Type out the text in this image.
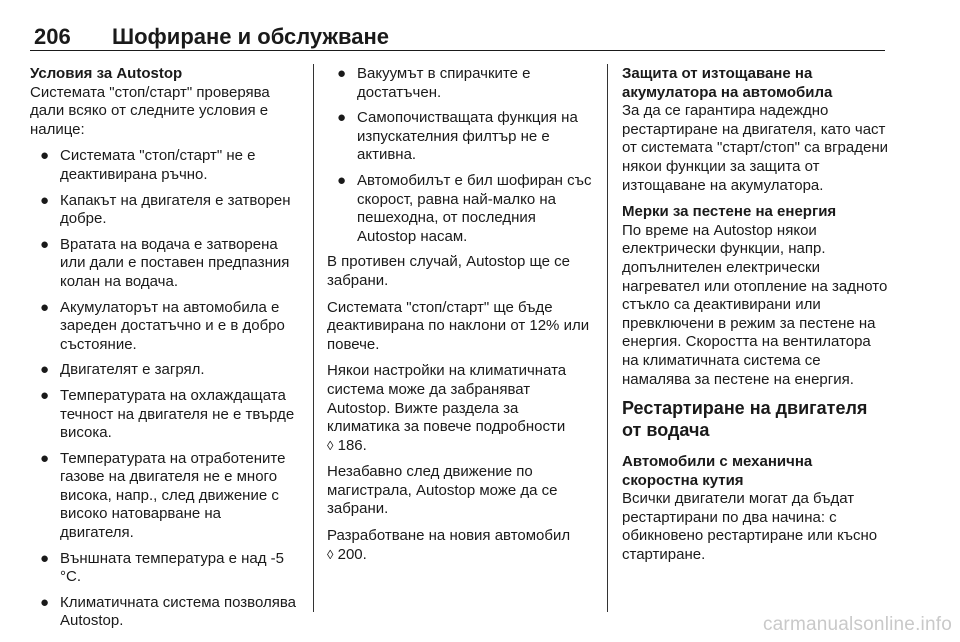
206 Шофиране и обслужване
Условия за Autostop

Системата "стоп/старт" проверява дали всяко от следните условия е налице:

● Системата "стоп/старт" не е деактивирана ръчно.
● Капакът на двигателя е затворен добре.
● Вратата на водача е затворена или дали е поставен предпазния колан на водача.
● Акумулаторът на автомобила е зареден достатъчно и е в добро състояние.
● Двигателят е загрял.
● Температурата на охлаждащата течност на двигателя не е твърде висока.
● Температурата на отработените газове на двигателя не е много висока, напр., след движение с високо натоварване на двигателя.
● Външната температура е над -5 °C.
● Климатичната система позволява Autostop.
● Вакуумът в спирачките е достатъчен.
● Самопочистващата функция на изпускателния филтър не е активна.
● Автомобилът е бил шофиран със скорост, равна най-малко на пешеходна, от последния Autostop насам.

В противен случай, Autostop ще се забрани.

Системата "стоп/старт" ще бъде деактивирана по наклони от 12% или повече.

Някои настройки на климатичната система може да забраняват Autostop. Вижте раздела за климатика за повече подробности
◊ 186.

Незабавно след движение по магистрала, Autostop може да се забрани.

Разработване на новия автомобил
◊ 200.

Защита от изтощаване на акумулатора на автомобила

За да се гарантира надеждно рестартиране на двигателя, като част от системата "старт/стоп" са вградени някои функции за защита от изтощаване на акумулатора.

Мерки за пестене на енергия

По време на Autostop някои електрически функции, напр. допълнителен електрически нагревател или отопление на задното стъкло са деактивирани или превключени в режим за пестене на енергия. Скоростта на вентилатора на климатичната система се намалява за пестене на енергия.

Рестартиране на двигателя от водача
Автомобили с механична скоростна кутия

Всички двигатели могат да бъдат рестартирани по два начина: с обикновено рестартиране или късно стартиране.

carmanualsonline.info
